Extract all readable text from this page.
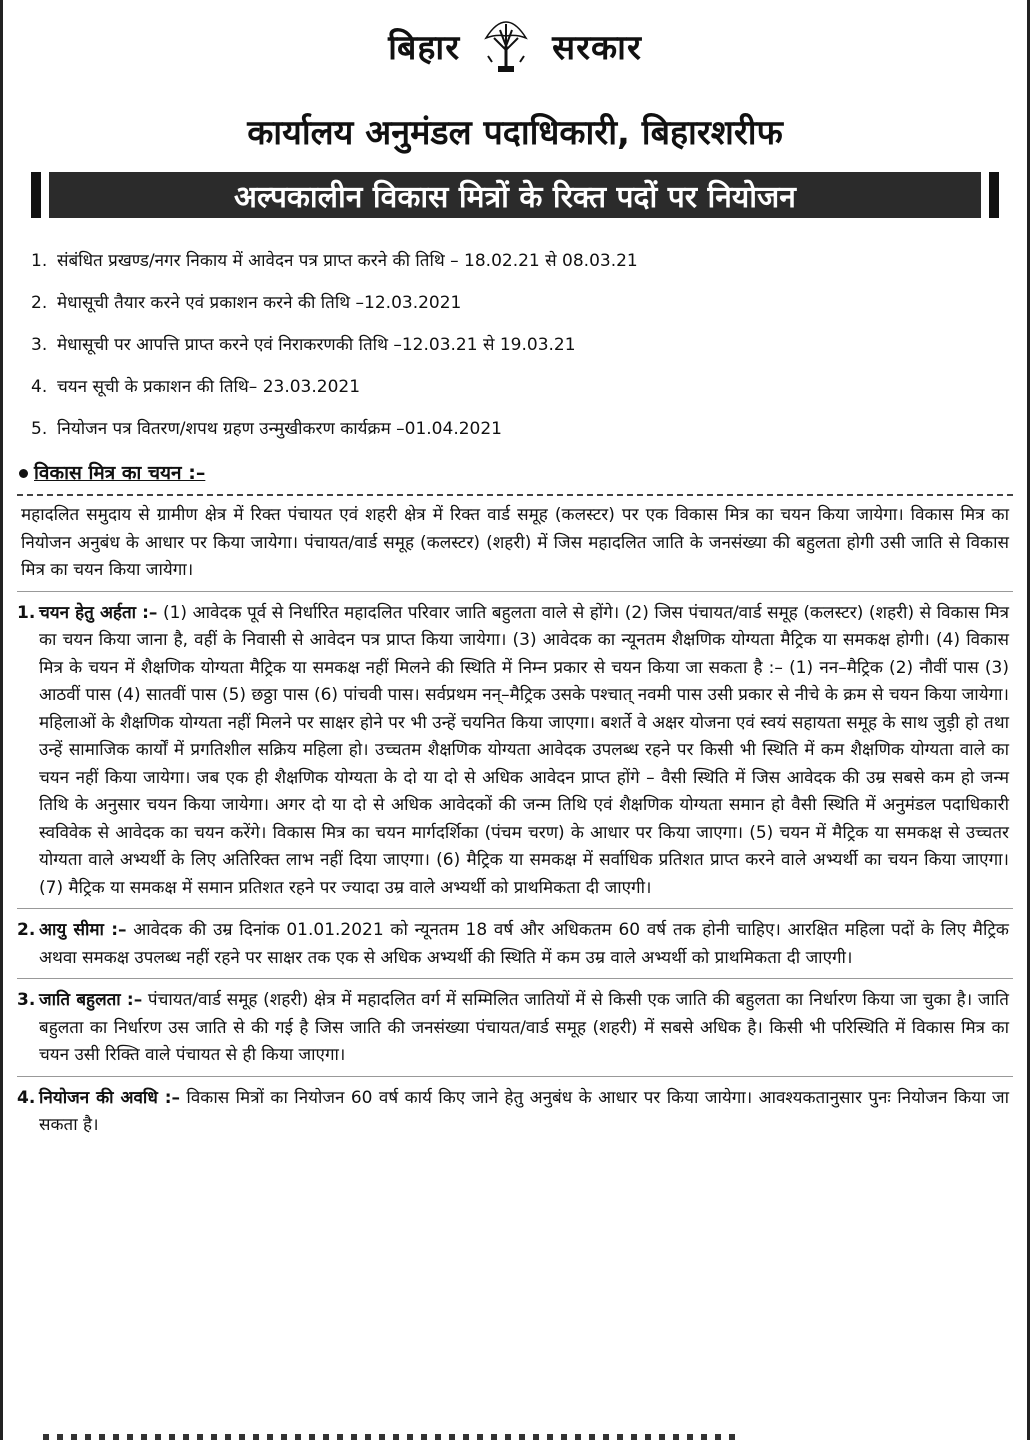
बिहार	सरकार
कार्यालय अनुमंडल पदाधिकारी, बिहारशरीफ
अल्पकालीन विकास मित्रों के रिक्त पदों पर नियोजन
1. संबंधित प्रखण्ड/नगर निकाय में आवेदन पत्र प्राप्त करने की तिथि – 18.02.21 से 08.03.21
2. मेधासूची तैयार करने एवं प्रकाशन करने की तिथि –12.03.2021
3. मेधासूची पर आपत्ति प्राप्त करने एवं निराकरणकी तिथि –12.03.21 से 19.03.21
4. चयन सूची के प्रकाशन की तिथि– 23.03.2021
5. नियोजन पत्र वितरण/शपथ ग्रहण उन्मुखीकरण कार्यक्रम –01.04.2021
विकास मित्र का चयन :–

महादलित समुदाय से ग्रामीण क्षेत्र में रिक्त पंचायत एवं शहरी क्षेत्र में रिक्त वार्ड समूह (कलस्टर) पर एक विकास मित्र का चयन किया जायेगा। विकास मित्र का नियोजन अनुबंध के आधार पर किया जायेगा। पंचायत/वार्ड समूह (कलस्टर) (शहरी) में जिस महादलित जाति के जनसंख्या की बहुलता होगी उसी जाति से विकास मित्र का चयन किया जायेगा।

1. चयन हेतु अर्हता :– (1) आवेदक पूर्व से निर्धारित महादलित परिवार जाति बहुलता वाले से होंगे। (2) जिस पंचायत/वार्ड समूह (कलस्टर) (शहरी) से विकास मित्र का चयन किया जाना है, वहीं के निवासी से आवेदन पत्र प्राप्त किया जायेगा। (3) आवेदक का न्यूनतम शैक्षणिक योग्यता मैट्रिक या समकक्ष होगी। (4) विकास मित्र के चयन में शैक्षणिक योग्यता मैट्रिक या समकक्ष नहीं मिलने की स्थिति में निम्न प्रकार से चयन किया जा सकता है :– (1) नन–मैट्रिक (2) नौवीं पास (3) आठवीं पास (4) सातवीं पास (5) छठ्ठा पास (6) पांचवी पास। सर्वप्रथम नन्–मैट्रिक उसके पश्चात् नवमी पास उसी प्रकार से नीचे के क्रम से चयन किया जायेगा। महिलाओं के शैक्षणिक योग्यता नहीं मिलने पर साक्षर होने पर भी उन्हें चयनित किया जाएगा। बशर्ते वे अक्षर योजना एवं स्वयं सहायता समूह के साथ जुड़ी हो तथा उन्हें सामाजिक कार्यों में प्रगतिशील सक्रिय महिला हो। उच्चतम शैक्षणिक योग्यता आवेदक उपलब्ध रहने पर किसी भी स्थिति में कम शैक्षणिक योग्यता वाले का चयन नहीं किया जायेगा। जब एक ही शैक्षणिक योग्यता के दो या दो से अधिक आवेदन प्राप्त होंगे – वैसी स्थिति में जिस आवेदक की उम्र सबसे कम हो जन्म तिथि के अनुसार चयन किया जायेगा। अगर दो या दो से अधिक आवेदकों की जन्म तिथि एवं शैक्षणिक योग्यता समान हो वैसी स्थिति में अनुमंडल पदाधिकारी स्वविवेक से आवेदक का चयन करेंगे। विकास मित्र का चयन मार्गदर्शिका (पंचम चरण) के आधार पर किया जाएगा। (5) चयन में मैट्रिक या समकक्ष से उच्चतर योग्यता वाले अभ्यर्थी के लिए अतिरिक्त लाभ नहीं दिया जाएगा। (6) मैट्रिक या समकक्ष में सर्वाधिक प्रतिशत प्राप्त करने वाले अभ्यर्थी का चयन किया जाएगा। (7) मैट्रिक या समकक्ष में समान प्रतिशत रहने पर ज्यादा उम्र वाले अभ्यर्थी को प्राथमिकता दी जाएगी।
2. आयु सीमा :– आवेदक की उम्र दिनांक 01.01.2021 को न्यूनतम 18 वर्ष और अधिकतम 60 वर्ष तक होनी चाहिए। आरक्षित महिला पदों के लिए मैट्रिक अथवा समकक्ष उपलब्ध नहीं रहने पर साक्षर तक एक से अधिक अभ्यर्थी की स्थिति में कम उम्र वाले अभ्यर्थी को प्राथमिकता दी जाएगी।
3. जाति बहुलता :– पंचायत/वार्ड समूह (शहरी) क्षेत्र में महादलित वर्ग में सम्मिलित जातियों में से किसी एक जाति की बहुलता का निर्धारण किया जा चुका है। जाति बहुलता का निर्धारण उस जाति से की गई है जिस जाति की जनसंख्या पंचायत/वार्ड समूह (शहरी) में सबसे अधिक है। किसी भी परिस्थिति में विकास मित्र का चयन उसी रिक्ति वाले पंचायत से ही किया जाएगा।
4. नियोजन की अवधि :– विकास मित्रों का नियोजन 60 वर्ष कार्य किए जाने हेतु अनुबंध के आधार पर किया जायेगा। आवश्यकतानुसार पुनः नियोजन किया जा सकता है।
